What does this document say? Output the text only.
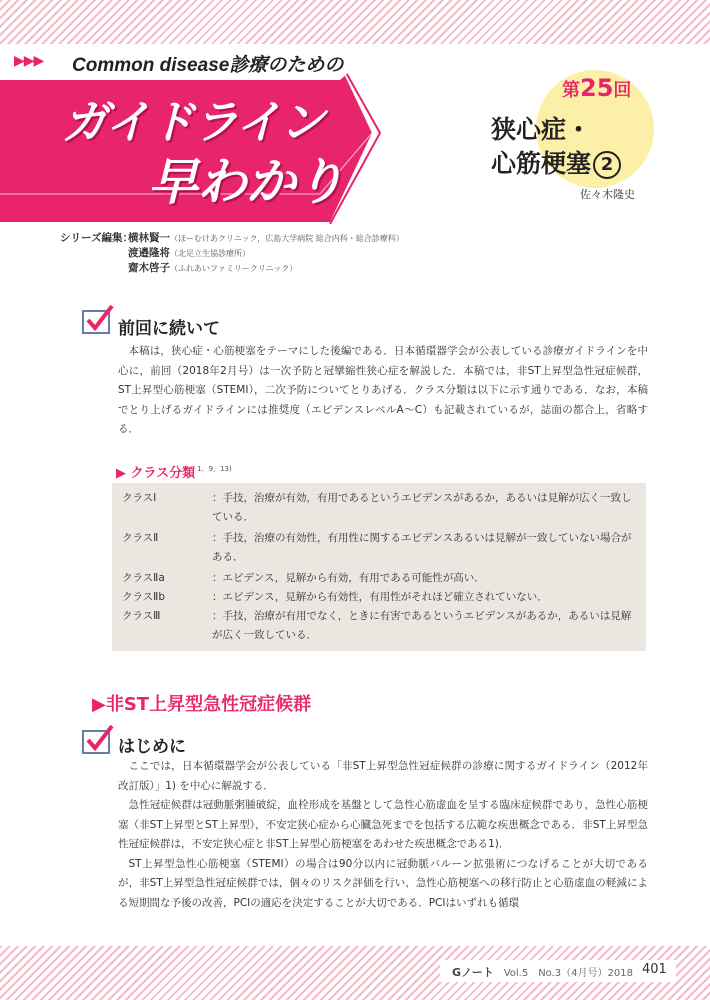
▶▶▶ Common disease診療のための
ガイドライン
早わかり
第25回
狭心症・
心筋梗塞 2
佐々木隆史
シリーズ編集：
横林賢一（ほーむけあクリニック，広島大学病院 総合内科・総合診療科）
渡邉隆将（北足立生協診療所）
齋木啓子（ふれあいファミリークリニック）
前回に続いて

本稿は，狭心症・心筋梗塞をテーマにした後編である．日本循環器学会が公表している診療ガイドラインを中心に，前回（2018年2月号）は一次予防と冠攣縮性狭心症を解説した．本稿では，非ST上昇型急性冠症候群，ST上昇型心筋梗塞（STEMI），二次予防についてとりあげる．クラス分類は以下に示す通りである．なお，本稿でとり上げるガイドラインには推奨度（エビデンスレベルA〜C）も記載されているが，誌面の都合上，省略する．

▶ クラス分類 $^{1,9,13)}$
クラスⅠ	：手技，治療が有効，有用であるというエビデンスがあるか，あるいは見解が広く一致している．
クラスⅡ	：手技，治療の有効性，有用性に関するエビデンスあるいは見解が一致していない場合がある．
クラスⅡa	：エビデンス，見解から有効，有用である可能性が高い．
クラスⅡb	：エビデンス，見解から有効性，有用性がそれほど確立されていない．
クラスⅢ	：手技，治療が有用でなく，ときに有害であるというエビデンスがあるか，あるいは見解が広く一致している．
▶非ST上昇型急性冠症候群
はじめに

ここでは，日本循環器学会が公表している「非ST上昇型急性冠症候群の診療に関するガイドライン（2012年改訂版）」1) を中心に解説する．

急性冠症候群は冠動脈粥腫破綻，血栓形成を基盤として急性心筋虚血を呈する臨床症候群であり，急性心筋梗塞（非ST上昇型とST上昇型），不安定狭心症から心臓急死までを包括する広範な疾患概念である．非ST上昇型急性冠症候群は，不安定狭心症と非ST上昇型心筋梗塞をあわせた疾患概念である1)．

ST上昇型急性心筋梗塞（STEMI）の場合は90分以内に冠動脈バルーン拡張術につなげることが大切であるが，非ST上昇型急性冠症候群では，個々のリスク評価を行い，急性心筋梗塞への移行防止と心筋虚血の軽減による短期間な予後の改善，PCIの適応を決定することが大切である．PCIはいずれも循環

Gノート　 Vol.5　No.3（4月号）2018 401
